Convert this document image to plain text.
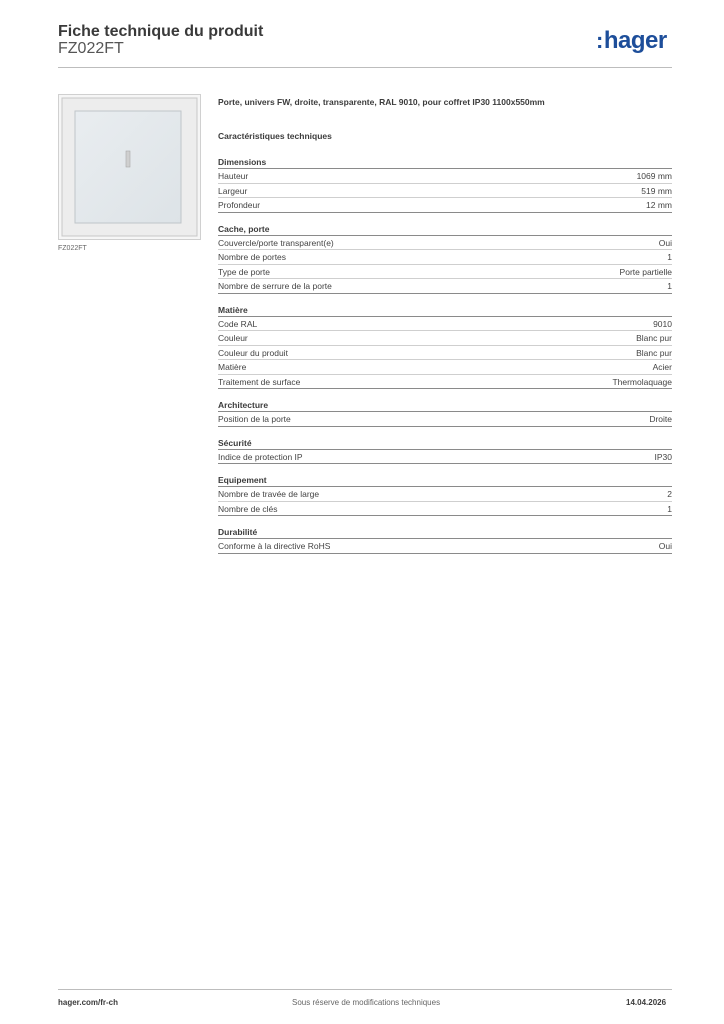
Fiche technique du produit
FZ022FT	:hager
FZ022FT
Porte, univers FW, droite, transparente, RAL 9010, pour coffret IP30 1100x550mm
Caractéristiques techniques
Dimensions
Hauteur	1069 mm
Largeur	519 mm
Profondeur	12 mm
Cache, porte
Couvercle/porte transparent(e)	Oui
Nombre de portes	1
Type de porte	Porte partielle
Nombre de serrure de la porte	1
Matière
Code RAL	9010
Couleur	Blanc pur
Couleur du produit	Blanc pur
Matière	Acier
Traitement de surface	Thermolaquage
Architecture
Position de la porte	Droite
Sécurité
Indice de protection IP	IP30
Equipement
Nombre de travée de large	2
Nombre de clés	1
Durabilité
Conforme à la directive RoHS	Oui
hager.com/fr-ch	Sous réserve de modifications techniques	14.04.2026
